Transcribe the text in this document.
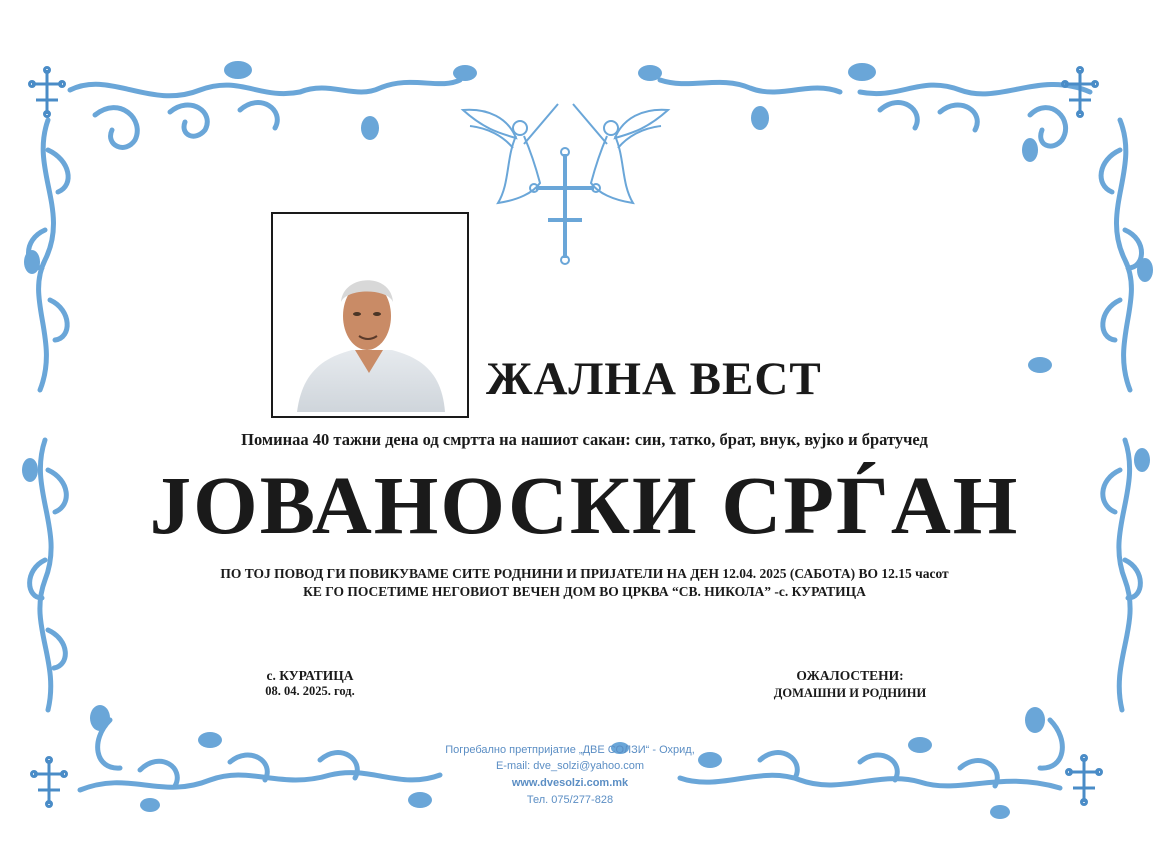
ЖАЛНА ВЕСТ
Поминаа 40 тажни дена од смртта на нашиот сакан: син, татко, брат, внук, вујко и братучед
ЈОВАНОСКИ СРЃАН
ПО ТОЈ ПОВОД ГИ ПОВИКУВАМЕ СИТЕ РОДНИНИ И ПРИЈАТЕЛИ НА ДЕН 12.04. 2025 (САБОТА) ВО 12.15 часот
КЕ ГО ПОСЕТИМЕ НЕГОВИОТ ВЕЧЕН ДОМ ВО ЦРКВА “СВ. НИКОЛА” -с. КУРАТИЦА
с. КУРАТИЦА
08. 04. 2025. год.
ОЖАЛОСТЕНИ:
ДОМАШНИ И РОДНИНИ
Погребално претпријатие „ДВЕ СОЛЗИ“ - Охрид,
E-mail: dve_solzi@yahoo.com
www.dvesolzi.com.mk
Тел. 075/277-828
